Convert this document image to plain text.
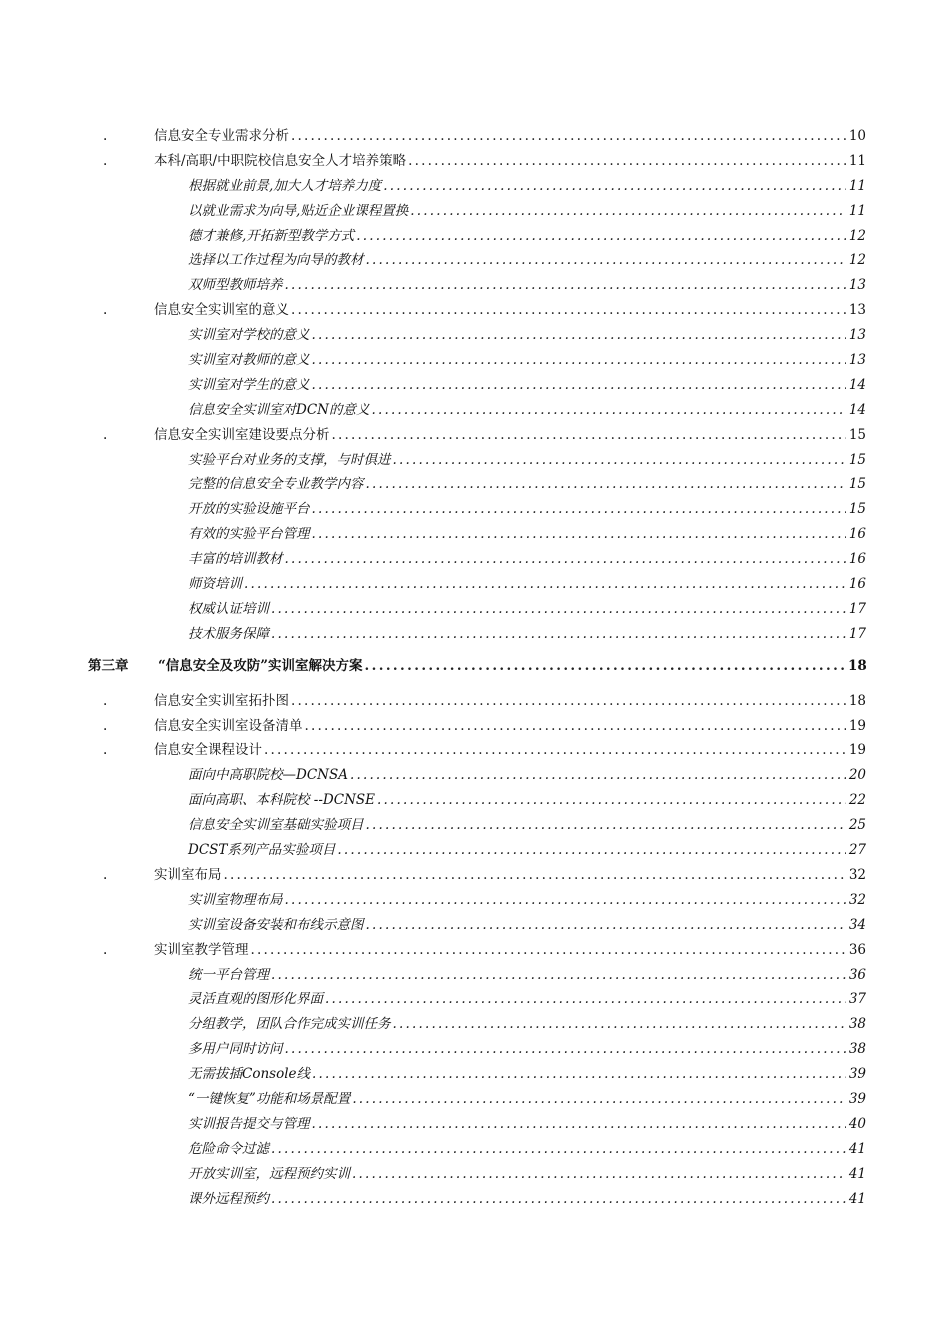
.	信息安全专业需求分析 .....	10
.	本科/高职/中职院校信息安全人才培养策略 .....	11
根据就业前景,加大人才培养力度 .....	11
以就业需求为向导,贴近企业课程置换 .....	11
德才兼修,开拓新型教学方式 .....	12
选择以工作过程为向导的教材 .....	12
双师型教师培养 .....	13
.	信息安全实训室的意义 .....	13
实训室对学校的意义 .....	13
实训室对教师的意义 .....	13
实训室对学生的意义 .....	14
信息安全实训室对DCN的意义 .....	14
.	信息安全实训室建设要点分析 .....	15
实验平台对业务的支撑，与时俱进 .....	15
完整的信息安全专业教学内容 .....	15
开放的实验设施平台 .....	15
有效的实验平台管理 .....	16
丰富的培训教材 .....	16
师资培训 .....	16
权威认证培训 .....	17
技术服务保障 .....	17
第三章 “信息安全及攻防”实训室解决方案 .....	18
.	信息安全实训室拓扑图 .....	18
.	信息安全实训室设备清单 .....	19
.	信息安全课程设计 .....	19
面向中高职院校—DCNSA .....	20
面向高职、本科院校 --DCNSE .....	22
信息安全实训室基础实验项目 .....	25
DCST系列产品实验项目 .....	27
.	实训室布局 .....	32
实训室物理布局 .....	32
实训室设备安装和布线示意图 .....	34
.	实训室教学管理 .....	36
统一平台管理 .....	36
灵活直观的图形化界面 .....	37
分组教学，团队合作完成实训任务 .....	38
多用户同时访问 .....	38
无需拔插Console线 .....	39
“一键恢复”功能和场景配置 .....	39
实训报告提交与管理 .....	40
危险命令过滤 .....	41
开放实训室，远程预约实训 .....	41
课外远程预约 .....	41
